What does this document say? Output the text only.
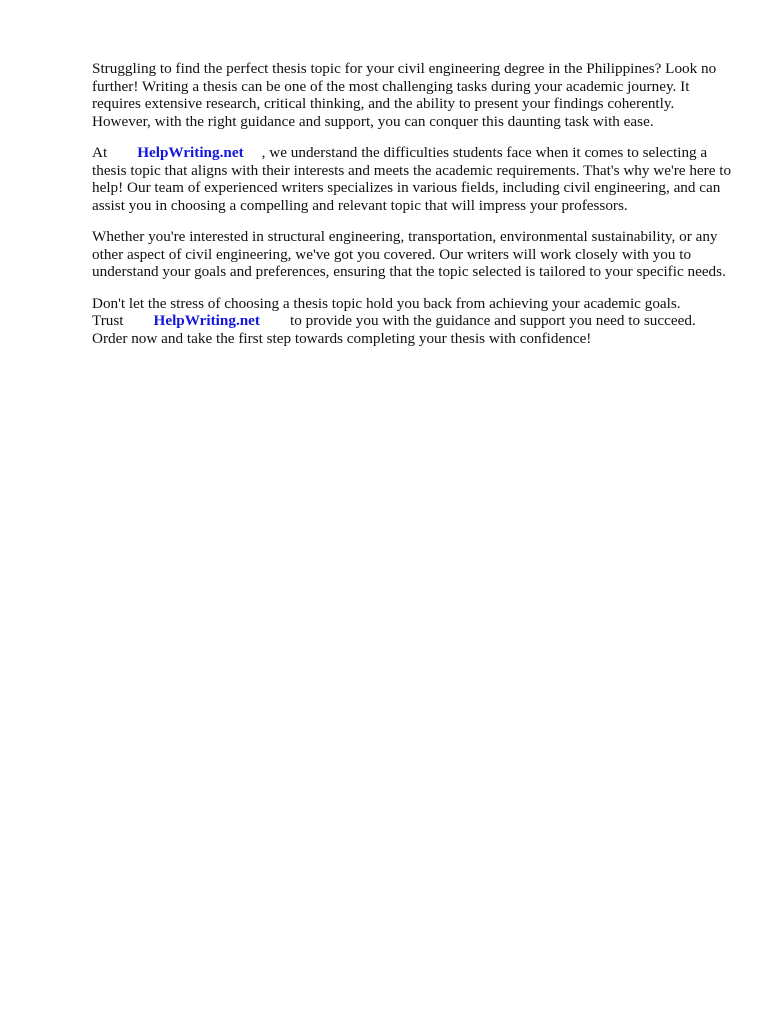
Struggling to find the perfect thesis topic for your civil engineering degree in the Philippines? Look no further! Writing a thesis can be one of the most challenging tasks during your academic journey. It requires extensive research, critical thinking, and the ability to present your findings coherently. However, with the right guidance and support, you can conquer this daunting task with ease.

At HelpWriting.net , we understand the difficulties students face when it comes to selecting a thesis topic that aligns with their interests and meets the academic requirements. That's why we're here to help! Our team of experienced writers specializes in various fields, including civil engineering, and can assist you in choosing a compelling and relevant topic that will impress your professors.

Whether you're interested in structural engineering, transportation, environmental sustainability, or any other aspect of civil engineering, we've got you covered. Our writers will work closely with you to understand your goals and preferences, ensuring that the topic selected is tailored to your specific needs.

Don't let the stress of choosing a thesis topic hold you back from achieving your academic goals.
Trust HelpWriting.net to provide you with the guidance and support you need to succeed. Order now and take the first step towards completing your thesis with confidence!
